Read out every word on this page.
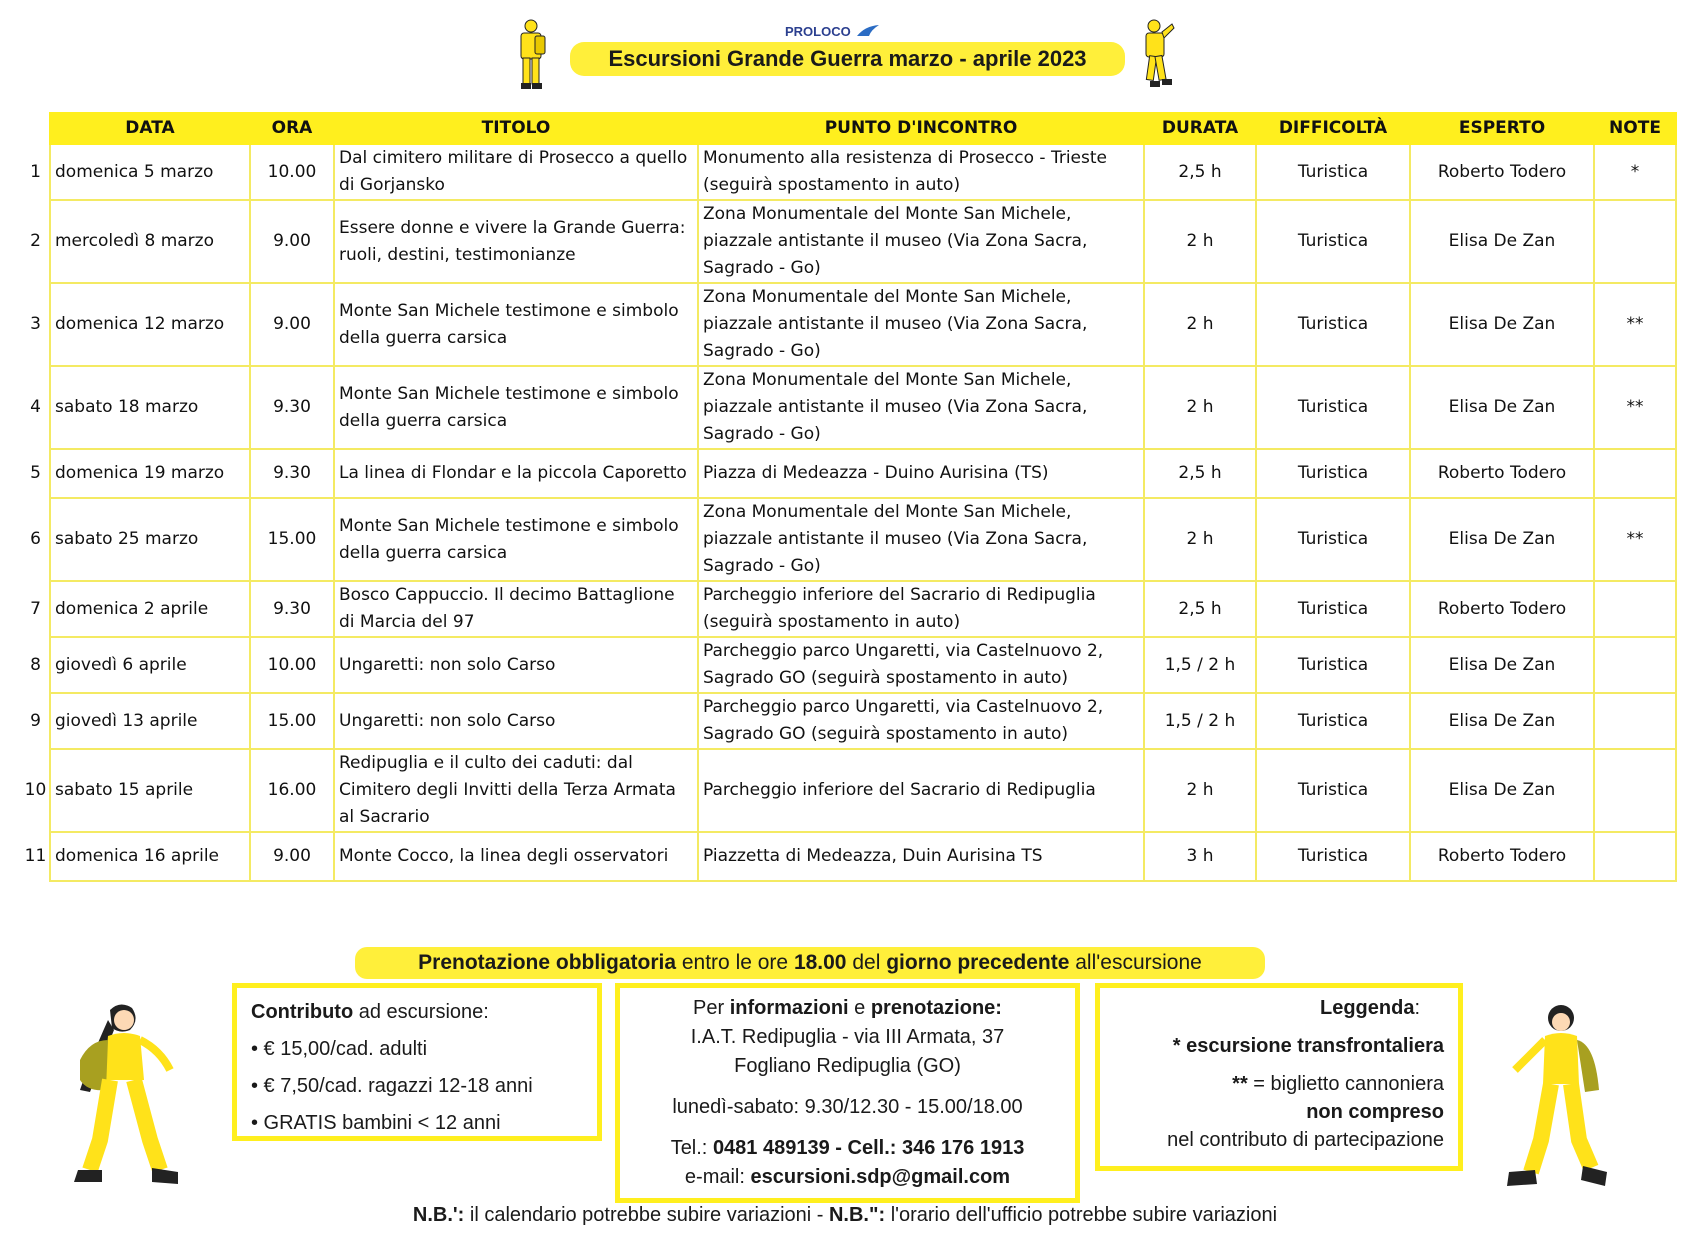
PROLOCO
Escursioni Grande Guerra marzo - aprile 2023
	DATA	ORA	TITOLO	PUNTO D'INCONTRO	DURATA	DIFFICOLTÀ	ESPERTO	NOTE
1	domenica 5 marzo	10.00	Dal cimitero militare di Prosecco a quello di Gorjansko	Monumento alla resistenza di Prosecco - Trieste (seguirà spostamento in auto)	2,5 h	Turistica	Roberto Todero	*
2	mercoledì 8 marzo	9.00	Essere donne e vivere la Grande Guerra: ruoli, destini, testimonianze	Zona Monumentale del Monte San Michele, piazzale antistante il museo (Via Zona Sacra, Sagrado - Go)	2 h	Turistica	Elisa De Zan	
3	domenica 12 marzo	9.00	Monte San Michele testimone e simbolo della guerra carsica	Zona Monumentale del Monte San Michele, piazzale antistante il museo (Via Zona Sacra, Sagrado - Go)	2 h	Turistica	Elisa De Zan	**
4	sabato 18 marzo	9.30	Monte San Michele testimone e simbolo della guerra carsica	Zona Monumentale del Monte San Michele, piazzale antistante il museo (Via Zona Sacra, Sagrado - Go)	2 h	Turistica	Elisa De Zan	**
5	domenica 19 marzo	9.30	La linea di Flondar e la piccola Caporetto	Piazza di Medeazza - Duino Aurisina (TS)	2,5 h	Turistica	Roberto Todero	
6	sabato 25 marzo	15.00	Monte San Michele testimone e simbolo della guerra carsica	Zona Monumentale del Monte San Michele, piazzale antistante il museo (Via Zona Sacra, Sagrado - Go)	2 h	Turistica	Elisa De Zan	**
7	domenica 2 aprile	9.30	Bosco Cappuccio. Il decimo Battaglione di Marcia del 97	Parcheggio inferiore del Sacrario di Redipuglia (seguirà spostamento in auto)	2,5 h	Turistica	Roberto Todero	
8	giovedì 6 aprile	10.00	Ungaretti: non solo Carso	Parcheggio parco Ungaretti, via Castelnuovo 2, Sagrado GO (seguirà spostamento in auto)	1,5 / 2 h	Turistica	Elisa De Zan	
9	giovedì 13 aprile	15.00	Ungaretti: non solo Carso	Parcheggio parco Ungaretti, via Castelnuovo 2, Sagrado GO (seguirà spostamento in auto)	1,5 / 2 h	Turistica	Elisa De Zan	
10	sabato 15 aprile	16.00	Redipuglia e il culto dei caduti: dal Cimitero degli Invitti della Terza Armata al Sacrario	Parcheggio inferiore del Sacrario di Redipuglia	2 h	Turistica	Elisa De Zan	
11	domenica 16 aprile	9.00	Monte Cocco, la linea degli osservatori	Piazzetta di Medeazza, Duin Aurisina TS	3 h	Turistica	Roberto Todero	
Prenotazione obbligatoria entro le ore 18.00 del giorno precedente all'escursione
Contributo ad escursione:
• € 15,00/cad. adulti
• € 7,50/cad. ragazzi 12-18 anni
• GRATIS bambini < 12 anni
Per informazioni e prenotazione:
I.A.T. Redipuglia - via III Armata, 37
Fogliano Redipuglia (GO)
lunedì-sabato: 9.30/12.30 - 15.00/18.00
Tel.: 0481 489139 - Cell.: 346 176 1913
e-mail: escursioni.sdp@gmail.com
Leggenda:
* escursione transfrontaliera
** = biglietto cannoniera
non compreso
nel contributo di partecipazione
N.B.': il calendario potrebbe subire variazioni - N.B.": l'orario dell'ufficio potrebbe subire variazioni
